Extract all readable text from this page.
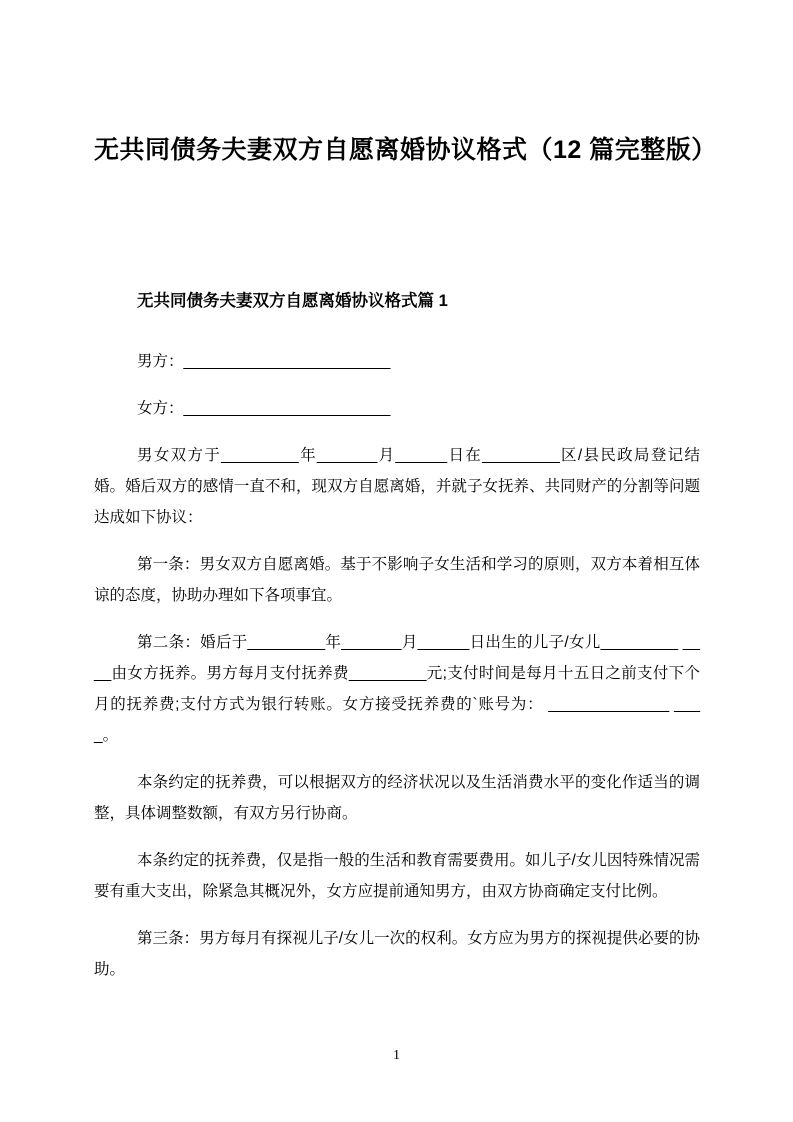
无共同债务夫妻双方自愿离婚协议格式（12 篇完整版）
无共同债务夫妻双方自愿离婚协议格式篇 1

男方：________________________

女方：________________________

男女双方于_________年_______月______日在_________区/县民政局登记结婚。婚后双方的感情一直不和，现双方自愿离婚，并就子女抚养、共同财产的分割等问题达成如下协议：

第一条：男女双方自愿离婚。基于不影响子女生活和学习的原则，双方本着相互体谅的态度，协助办理如下各项事宜。

第二条：婚后于_________年_______月______日出生的儿子/女儿_________ ____由女方抚养。男方每月支付抚养费_________元;支付时间是每月十五日之前支付下个月的抚养费;支付方式为银行转账。女方接受抚养费的`账号为： ______________ ____。

本条约定的抚养费，可以根据双方的经济状况以及生活消费水平的变化作适当的调整，具体调整数额，有双方另行协商。

本条约定的抚养费，仅是指一般的生活和教育需要费用。如儿子/女儿因特殊情况需要有重大支出，除紧急其概况外，女方应提前通知男方，由双方协商确定支付比例。

第三条：男方每月有探视儿子/女儿一次的权利。女方应为男方的探视提供必要的协助。

1
